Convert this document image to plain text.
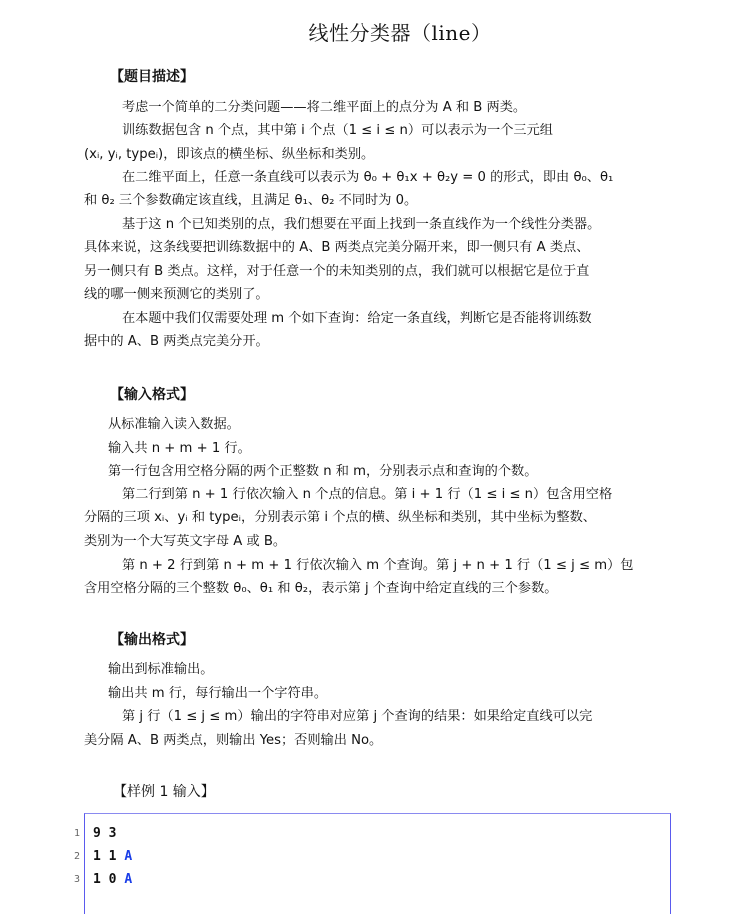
线性分类器（line）
【题目描述】
考虑一个简单的二分类问题——将二维平面上的点分为 A 和 B 两类。
训练数据包含 n 个点，其中第 i 个点（1 ≤ i ≤ n）可以表示为一个三元组
(xᵢ, yᵢ, typeᵢ)，即该点的横坐标、纵坐标和类别。
在二维平面上，任意一条直线可以表示为 θ₀ + θ₁x + θ₂y = 0 的形式，即由 θ₀、θ₁
和 θ₂ 三个参数确定该直线，且满足 θ₁、θ₂ 不同时为 0。
基于这 n 个已知类别的点，我们想要在平面上找到一条直线作为一个线性分类器。
具体来说，这条线要把训练数据中的 A、B 两类点完美分隔开来，即一侧只有 A 类点、
另一侧只有 B 类点。这样，对于任意一个的未知类别的点，我们就可以根据它是位于直
线的哪一侧来预测它的类别了。
在本题中我们仅需要处理 m 个如下查询：给定一条直线，判断它是否能将训练数
据中的 A、B 两类点完美分开。
【输入格式】
从标准输入读入数据。
输入共 n + m + 1 行。
第一行包含用空格分隔的两个正整数 n 和 m，分别表示点和查询的个数。
第二行到第 n + 1 行依次输入 n 个点的信息。第 i + 1 行（1 ≤ i ≤ n）包含用空格
分隔的三项 xᵢ、yᵢ 和 typeᵢ，分别表示第 i 个点的横、纵坐标和类别，其中坐标为整数、
类别为一个大写英文字母 A 或 B。
第 n + 2 行到第 n + m + 1 行依次输入 m 个查询。第 j + n + 1 行（1 ≤ j ≤ m）包
含用空格分隔的三个整数 θ₀、θ₁ 和 θ₂，表示第 j 个查询中给定直线的三个参数。
【输出格式】
输出到标准输出。
输出共 m 行，每行输出一个字符串。
第 j 行（1 ≤ j ≤ m）输出的字符串对应第 j 个查询的结果：如果给定直线可以完
美分隔 A、B 两类点，则输出 Yes；否则输出 No。
【样例 1 输入】
1 9 3
2 1 1 A
3 1 0 A
